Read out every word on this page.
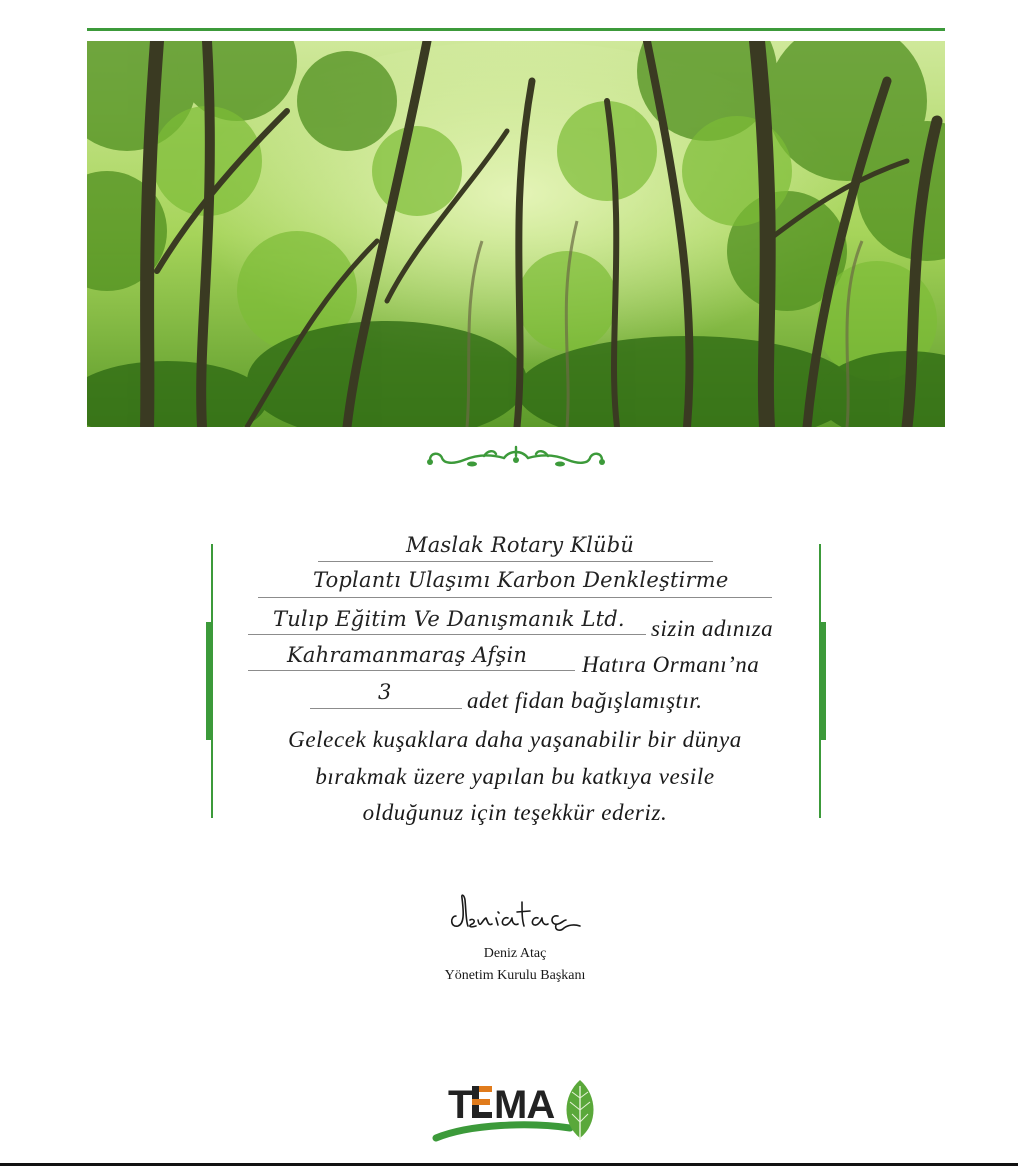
Maslak Rotary Klübü
Toplantı Ulaşımı Karbon Denkleştirme
Tulıp Eğitim Ve Danışmanık Ltd. sizin adınıza
Kahramanmaraş Afşin Hatıra Ormanı’na
3	adet fidan bağışlamıştır.
Gelecek kuşaklara daha yaşanabilir bir dünya
bırakmak üzere yapılan bu katkıya vesile
olduğunuz için teşekkür ederiz.
Deniz Ataç
Yönetim Kurulu Başkanı
T MA
